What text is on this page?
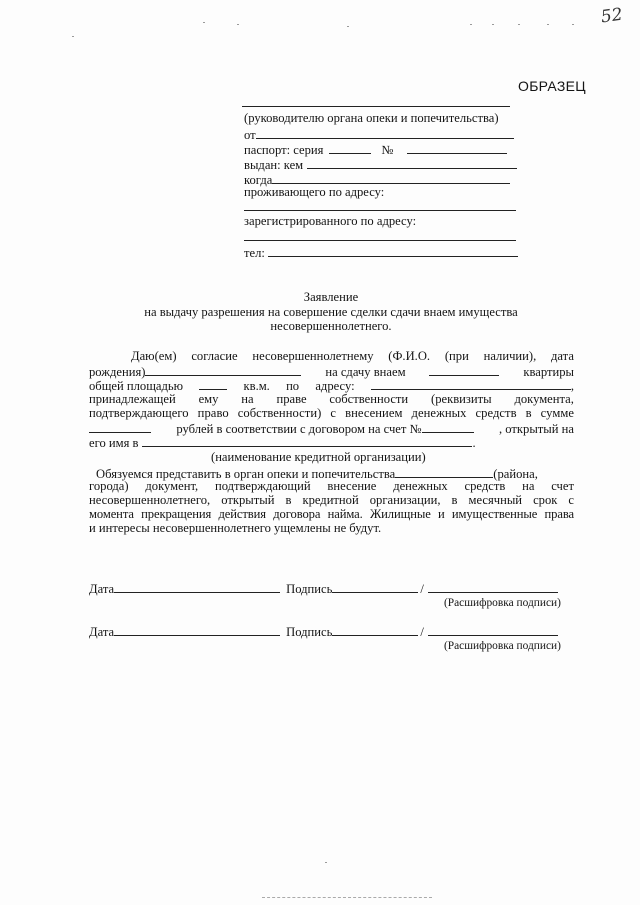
52
ОБРАЗЕЦ
(руководителю органа опеки и попечительства)
от
паспорт: серия	№
выдан: кем
когда
проживающего по адресу:
зарегистрированного по адресу:
тел:
Заявление
на выдачу разрешения на совершение сделки сдачи внаем имущества
несовершеннолетнего.
Даю(ем) согласие несовершеннолетнему (Ф.И.О. (при наличии), дата
рождения)	на сдачу внаем	квартиры
общей площадью	кв.м. по адресу:	,
принадлежащей ему на праве собственности (реквизиты документа,
подтверждающего право собственности) с внесением денежных средств в сумме
рублей в соответствии с договором на счет №	, открытый на
его имя в	.
(наименование кредитной организации)
Обязуемся представить в орган опеки и попечительства	(района,
города) документ, подтверждающий внесение денежных средств на счет
несовершеннолетнего, открытый в кредитной организации, в месячный срок с
момента прекращения действия договора найма. Жилищные и имущественные права
и интересы несовершеннолетнего ущемлены не будут.
Дата	Подпись	/
(Расшифровка подписи)
Дата	Подпись	/
(Расшифровка подписи)
